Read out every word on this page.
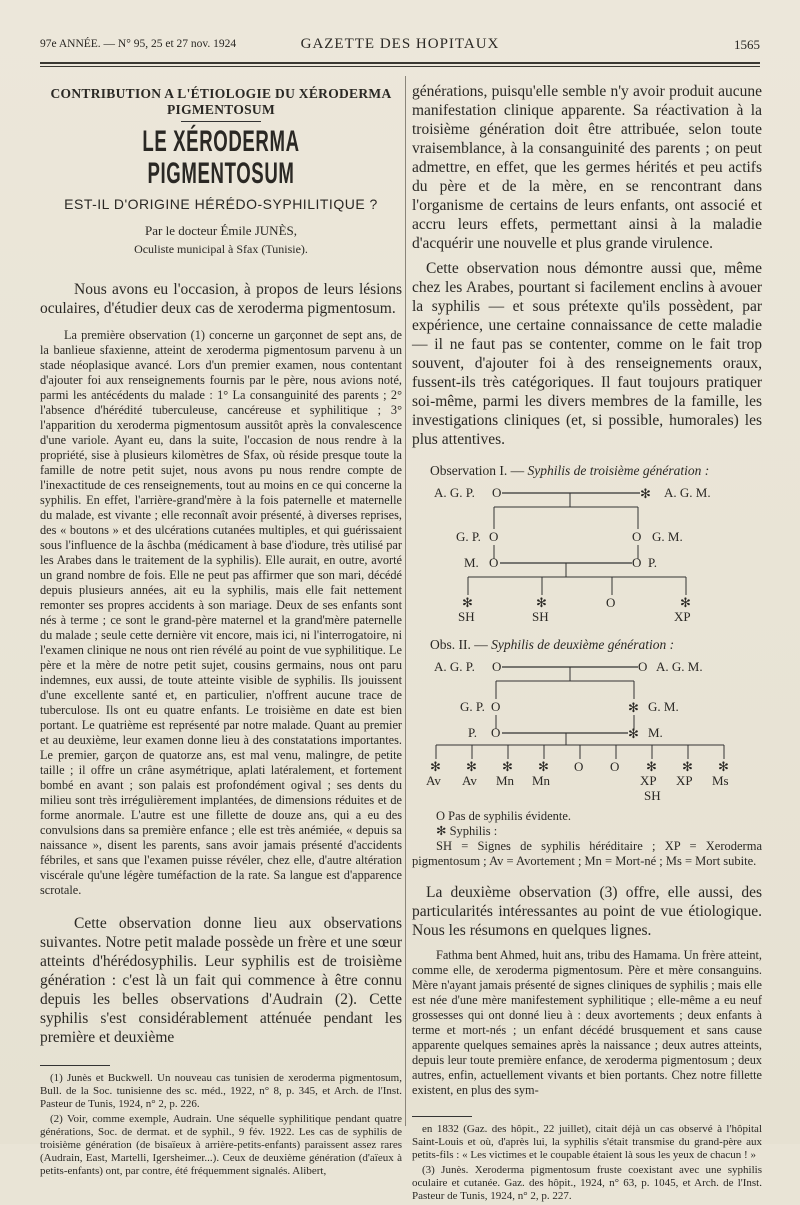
97e ANNÉE. — N° 95, 25 et 27 nov. 1924	GAZETTE DES HOPITAUX	1565
CONTRIBUTION A L'ÉTIOLOGIE DU XÉRODERMA PIGMENTOSUM
LE XÉRODERMA PIGMENTOSUM
EST-IL D'ORIGINE HÉRÉDO-SYPHILITIQUE ?
Par le docteur Émile JUNÈS,
Oculiste municipal à Sfax (Tunisie).

Nous avons eu l'occasion, à propos de leurs lésions oculaires, d'étudier deux cas de xeroderma pigmentosum.

La première observation (1) concerne un garçonnet de sept ans, de la banlieue sfaxienne, atteint de xeroderma pigmentosum parvenu à un stade néoplasique avancé. Lors d'un premier examen, nous contentant d'ajouter foi aux renseignements fournis par le père, nous avions noté, parmi les antécédents du malade : 1° La consanguinité des parents ; 2° l'absence d'hérédité tuberculeuse, cancéreuse et syphilitique ; 3° l'apparition du xeroderma pigmentosum aussitôt après la convalescence d'une variole. Ayant eu, dans la suite, l'occasion de nous rendre à la propriété, sise à plusieurs kilomètres de Sfax, où réside presque toute la famille de notre petit sujet, nous avons pu nous rendre compte de l'inexactitude de ces renseignements, tout au moins en ce qui concerne la syphilis. En effet, l'arrière-grand'mère à la fois paternelle et maternelle du malade, est vivante ; elle reconnaît avoir présenté, à diverses reprises, des « boutons » et des ulcérations cutanées multiples, et qui guérissaient sous l'influence de la âschba (médicament à base d'iodure, très utilisé par les Arabes dans le traitement de la syphilis). Elle aurait, en outre, avorté un grand nombre de fois. Elle ne peut pas affirmer que son mari, décédé depuis plusieurs années, ait eu la syphilis, mais elle fait nettement remonter ses propres accidents à son mariage. Deux de ses enfants sont nés à terme ; ce sont le grand-père maternel et la grand'mère paternelle du malade ; seule cette dernière vit encore, mais ici, ni l'interrogatoire, ni l'examen clinique ne nous ont rien révélé au point de vue syphilitique. Le père et la mère de notre petit sujet, cousins germains, nous ont paru indemnes, eux aussi, de toute atteinte visible de syphilis. Ils jouissent d'une excellente santé et, en particulier, n'offrent aucune trace de tuberculose. Ils ont eu quatre enfants. Le troisième en date est bien portant. Le quatrième est représenté par notre malade. Quant au premier et au deuxième, leur examen donne lieu à des constatations importantes. Le premier, garçon de quatorze ans, est mal venu, malingre, de petite taille ; il offre un crâne asymétrique, aplati latéralement, et fortement bombé en avant ; son palais est profondément ogival ; ses dents du milieu sont très irrégulièrement implantées, de dimensions réduites et de forme anormale. L'autre est une fillette de douze ans, qui a eu des convulsions dans sa première enfance ; elle est très anémiée, « depuis sa naissance », disent les parents, sans avoir jamais présenté d'accidents fébriles, et sans que l'examen puisse révéler, chez elle, d'autre altération viscérale qu'une légère tuméfaction de la rate. Sa langue est d'apparence scrotale.

Cette observation donne lieu aux observations suivantes. Notre petit malade possède un frère et une sœur atteints d'hérédosyphilis. Leur syphilis est de troisième génération : c'est là un fait qui commence à être connu depuis les belles observations d'Audrain (2). Cette syphilis s'est considérablement atténuée pendant les première et deuxième

(1) Junès et Buckwell. Un nouveau cas tunisien de xeroderma pigmentosum, Bull. de la Soc. tunisienne des sc. méd., 1922, n° 8, p. 345, et Arch. de l'Inst. Pasteur de Tunis, 1924, n° 2, p. 226.

(2) Voir, comme exemple, Audrain. Une séquelle syphilitique pendant quatre générations, Soc. de dermat. et de syphil., 9 fév. 1922. Les cas de syphilis de troisième génération (de bisaïeux à arrière-petits-enfants) paraissent assez rares (Audrain, East, Martelli, Igersheimer...). Ceux de deuxième génération (d'aïeux à petits-enfants) ont, par contre, été fréquemment signalés. Alibert,

générations, puisqu'elle semble n'y avoir produit aucune manifestation clinique apparente. Sa réactivation à la troisième génération doit être attribuée, selon toute vraisemblance, à la consanguinité des parents ; on peut admettre, en effet, que les germes hérités et peu actifs du père et de la mère, en se rencontrant dans l'organisme de certains de leurs enfants, ont associé et accru leurs effets, permettant ainsi à la maladie d'acquérir une nouvelle et plus grande virulence.

Cette observation nous démontre aussi que, même chez les Arabes, pourtant si facilement enclins à avouer la syphilis — et sous prétexte qu'ils possèdent, par expérience, une certaine connaissance de cette maladie — il ne faut pas se contenter, comme on le fait trop souvent, d'ajouter foi à des renseignements oraux, fussent-ils très catégoriques. Il faut toujours pratiquer soi-même, parmi les divers membres de la famille, les investigations cliniques (et, si possible, humorales) les plus attentives.

Observation I. — Syphilis de troisième génération :
A. G. P. O	✻ A. G. M.
G. P. O	O G. M.
M. O	O P.
✻	✻	O	✻
SH	SH	XP
Obs. II. — Syphilis de deuxième génération :
A. G. P. O	O A. G. M.
G. P. O	✻ G. M.
P. O	✻ M.
✻ ✻ ✻ ✻ O O ✻ ✻ ✻
Av Av Mn Mn	XP XP Ms
SH
O Pas de syphilis évidente.
✻ Syphilis :
SH = Signes de syphilis héréditaire ; XP = Xeroderma pigmentosum ; Av = Avortement ; Mn = Mort-né ; Ms = Mort subite.

La deuxième observation (3) offre, elle aussi, des particularités intéressantes au point de vue étiologique. Nous les résumons en quelques lignes.

Fathma bent Ahmed, huit ans, tribu des Hamama. Un frère atteint, comme elle, de xeroderma pigmentosum. Père et mère consanguins. Mère n'ayant jamais présenté de signes cliniques de syphilis ; mais elle est née d'une mère manifestement syphilitique ; elle-même a eu neuf grossesses qui ont donné lieu à : deux avortements ; deux enfants à terme et mort-nés ; un enfant décédé brusquement et sans cause apparente quelques semaines après la naissance ; deux autres atteints, depuis leur toute première enfance, de xeroderma pigmentosum ; deux autres, enfin, actuellement vivants et bien portants. Chez notre fillette existent, en plus des sym-

en 1832 (Gaz. des hôpit., 22 juillet), citait déjà un cas observé à l'hôpital Saint-Louis et où, d'après lui, la syphilis s'était transmise du grand-père aux petits-fils : « Les victimes et le coupable étaient là sous les yeux de chacun ! »

(3) Junès. Xeroderma pigmentosum fruste coexistant avec une syphilis oculaire et cutanée. Gaz. des hôpit., 1924, n° 63, p. 1045, et Arch. de l'Inst. Pasteur de Tunis, 1924, n° 2, p. 227.
